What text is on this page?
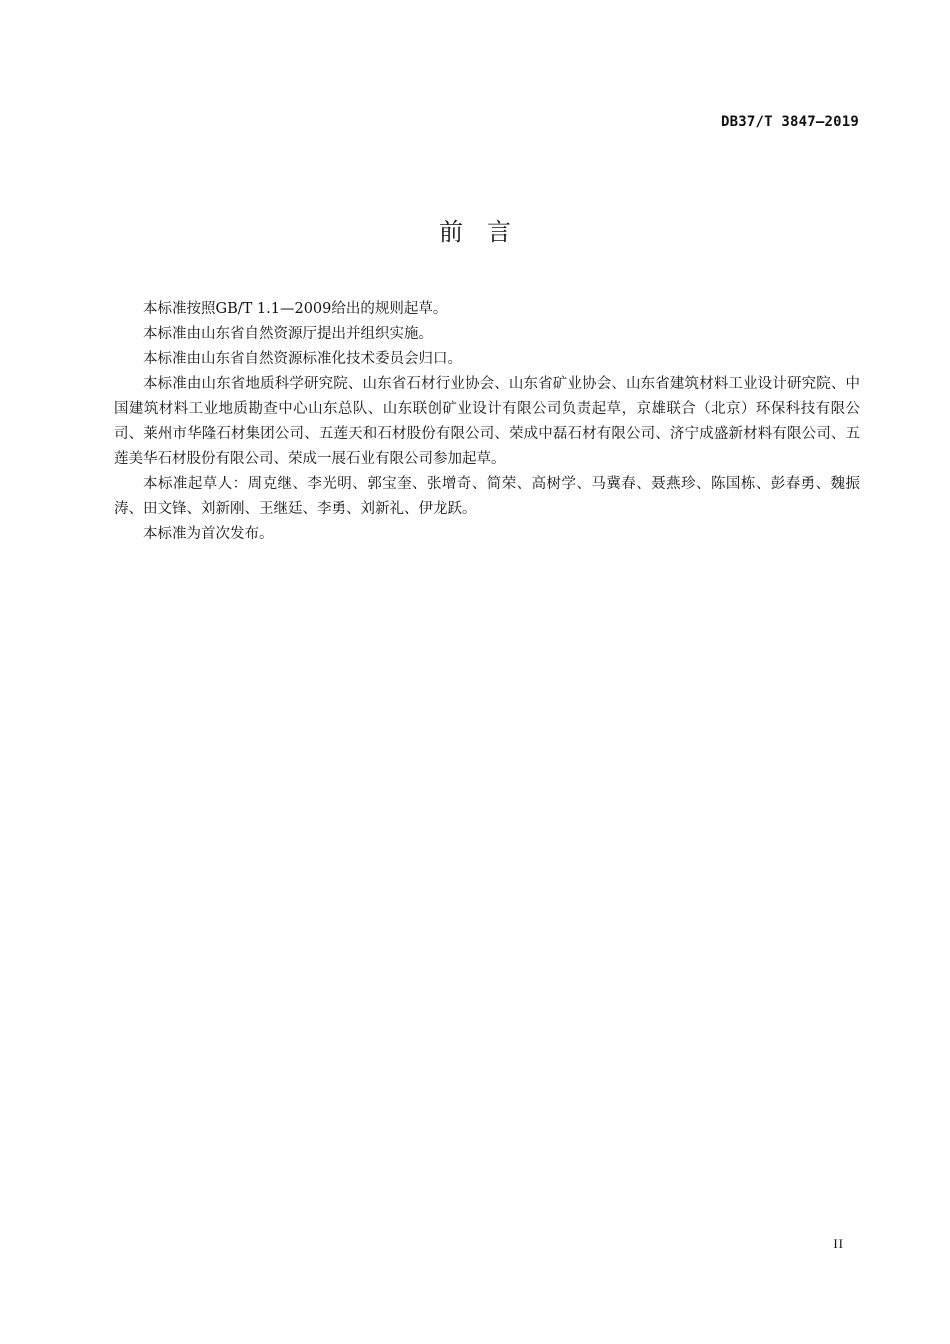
DB37/T 3847—2019
前言

本标准按照GB/T 1.1—2009给出的规则起草。

本标准由山东省自然资源厅提出并组织实施。

本标准由山东省自然资源标准化技术委员会归口。

本标准由山东省地质科学研究院、山东省石材行业协会、山东省矿业协会、山东省建筑材料工业设计研究院、中国建筑材料工业地质勘查中心山东总队、山东联创矿业设计有限公司负责起草，京雄联合（北京）环保科技有限公司、莱州市华隆石材集团公司、五莲天和石材股份有限公司、荣成中磊石材有限公司、济宁成盛新材料有限公司、五莲美华石材股份有限公司、荣成一展石业有限公司参加起草。

本标准起草人：周克继、李光明、郭宝奎、张增奇、简荣、高树学、马冀春、聂燕珍、陈国栋、彭春勇、魏振涛、田文锋、刘新刚、王继廷、李勇、刘新礼、伊龙跃。

本标准为首次发布。

II
